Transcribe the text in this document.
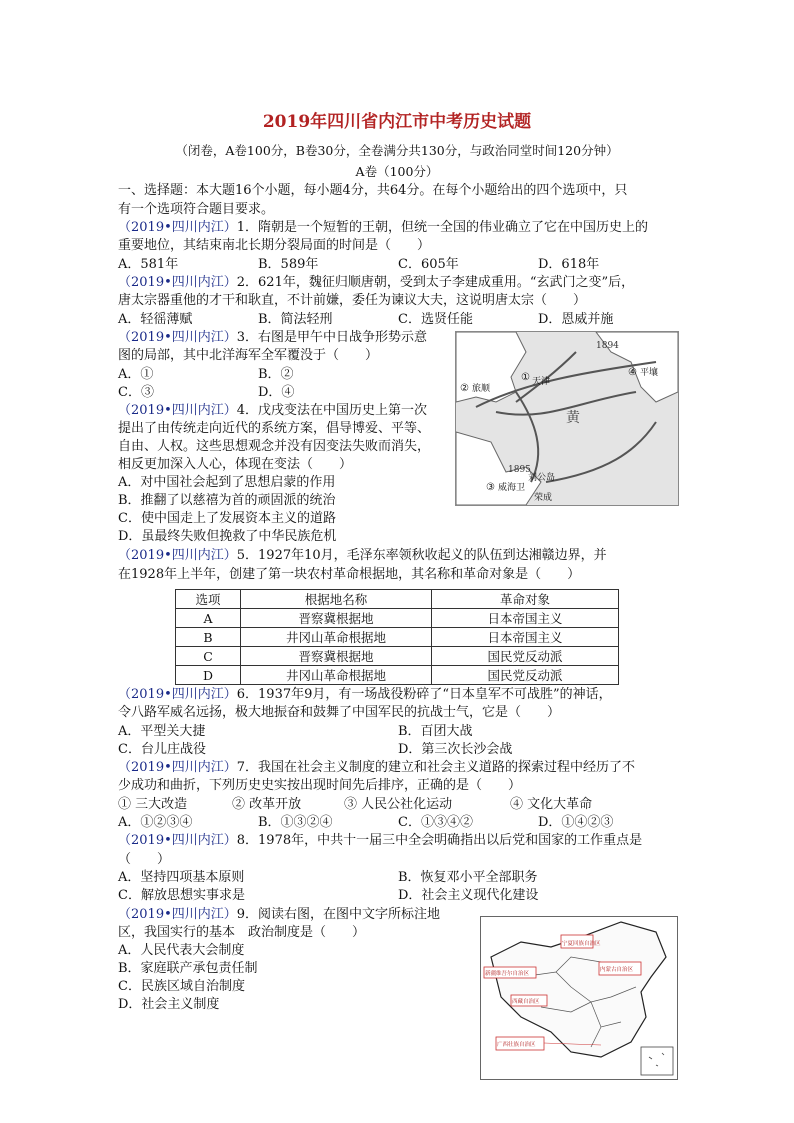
2019年四川省内江市中考历史试题
（闭卷，A卷100分，B卷30分，全卷满分共130分，与政治同堂时间120分钟）
A卷（100分）
一、选择题：本大题16个小题，每小题4分，共64分。在每个小题给出的四个选项中，只
有一个选项符合题目要求。
（2019•四川内江）1．隋朝是一个短暂的王朝，但统一全国的伟业确立了它在中国历史上的
重要地位，其结束南北长期分裂局面的时间是（　　）
A．581年	B．589年	C．605年	D．618年
（2019•四川内江）2．621年，魏征归顺唐朝，受到太子李建成重用。“玄武门之变”后，
唐太宗器重他的才干和耿直，不计前嫌，委任为谏议大夫，这说明唐太宗（　　）
A．轻徭薄赋	B．简法轻刑	C．选贤任能	D．恩威并施
（2019•四川内江）3．右图是甲午中日战争形势示意
图的局部，其中北洋海军全军覆没于（　　）
A．①	B．②
C．③	D．④
1894
① 天津
② 旅顺
④ 平壤
黄
1895
刘公岛
③ 威海卫
荣成
（2019•四川内江）4．戊戌变法在中国历史上第一次
提出了由传统走向近代的系统方案，倡导博爱、平等、
自由、人权。这些思想观念并没有因变法失败而消失，
相反更加深入人心，体现在变法（　　）
A．对中国社会起到了思想启蒙的作用
B．推翻了以慈禧为首的顽固派的统治
C．使中国走上了发展资本主义的道路
D．虽最终失败但挽救了中华民族危机
（2019•四川内江）5．1927年10月，毛泽东率领秋收起义的队伍到达湘赣边界，并
在1928年上半年，创建了第一块农村革命根据地，其名称和革命对象是（　　）
选项	根据地名称	革命对象
A	晋察冀根据地	日本帝国主义
B	井冈山革命根据地	日本帝国主义
C	晋察冀根据地	国民党反动派
D	井冈山革命根据地	国民党反动派
（2019•四川内江）6．1937年9月，有一场战役粉碎了“日本皇军不可战胜”的神话，
令八路军威名远扬，极大地振奋和鼓舞了中国军民的抗战士气，它是（　　）
A．平型关大捷	B．百团大战
C．台儿庄战役	D．第三次长沙会战
（2019•四川内江）7．我国在社会主义制度的建立和社会主义道路的探索过程中经历了不
少成功和曲折，下列历史史实按出现时间先后排序，正确的是（　　）
① 三大改造	② 改革开放	③ 人民公社化运动	④ 文化大革命
A．①②③④	B．①③②④	C．①③④②	D．①④②③
（2019•四川内江）8．1978年，中共十一届三中全会明确指出以后党和国家的工作重点是
（　　）
A．坚持四项基本原则	B．恢复邓小平全部职务
C．解放思想实事求是	D．社会主义现代化建设
（2019•四川内江）9．阅读右图，在图中文字所标注地
区，我国实行的基本　政治制度是（　　）
A．人民代表大会制度
B．家庭联产承包责任制
C．民族区域自治制度
D．社会主义制度
宁夏回族自治区
新疆维吾尔自治区
内蒙古自治区
西藏自治区
广西壮族自治区
